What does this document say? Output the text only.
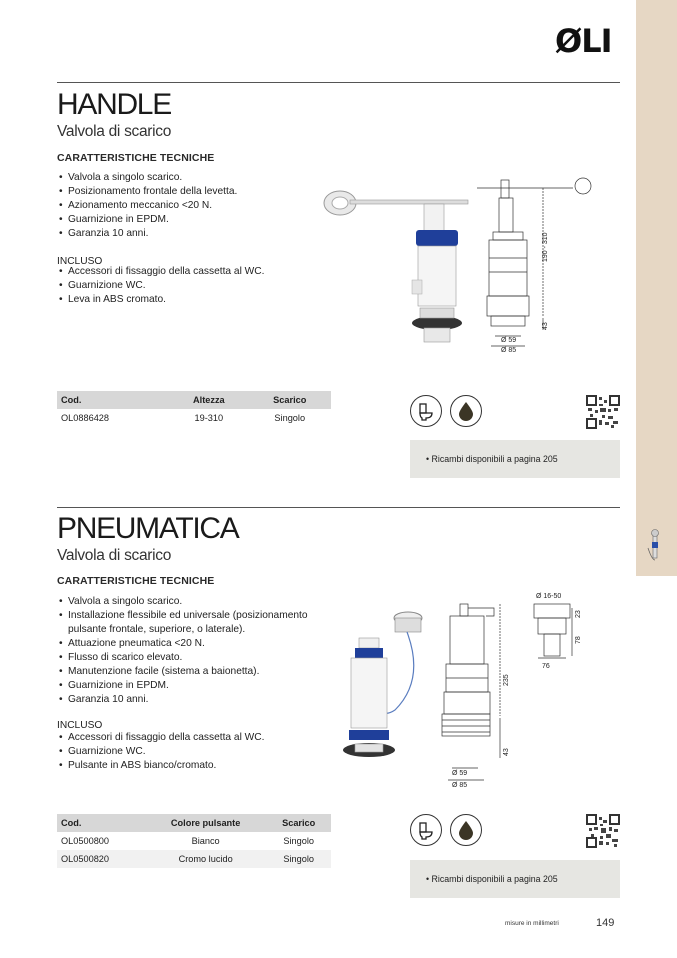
ØLI
HANDLE
Valvola di scarico
CARATTERISTICHE TECNICHE
• Valvola a singolo scarico.
• Posizionamento frontale della levetta.
• Azionamento meccanico <20 N.
• Guarnizione in EPDM.
• Garanzia 10 anni.
INCLUSO
• Accessori di fissaggio della cassetta al WC.
• Guarnizione WC.
• Leva in ABS cromato.
190 - 310
43
Ø 59
Ø 85
Cod.	Altezza	Scarico
OL0886428	19-310	Singolo
• Ricambi disponibili a pagina 205
PNEUMATICA
Valvola di scarico
CARATTERISTICHE TECNICHE
• Valvola a singolo scarico.
• Installazione flessibile ed universale (posizionamento
pulsante frontale, superiore, o laterale).
• Attuazione pneumatica <20 N.
• Flusso di scarico elevato.
• Manutenzione facile (sistema a baionetta).
• Guarnizione in EPDM.
• Garanzia 10 anni.
INCLUSO
• Accessori di fissaggio della cassetta al WC.
• Guarnizione WC.
• Pulsante in ABS bianco/cromato.
Ø 16-50
23
78
76
235
43
Ø 59
Ø 85
Cod.	Colore pulsante	Scarico
OL0500800	Bianco	Singolo
OL0500820	Cromo lucido	Singolo
• Ricambi disponibili a pagina 205
misure in millimetri	149
